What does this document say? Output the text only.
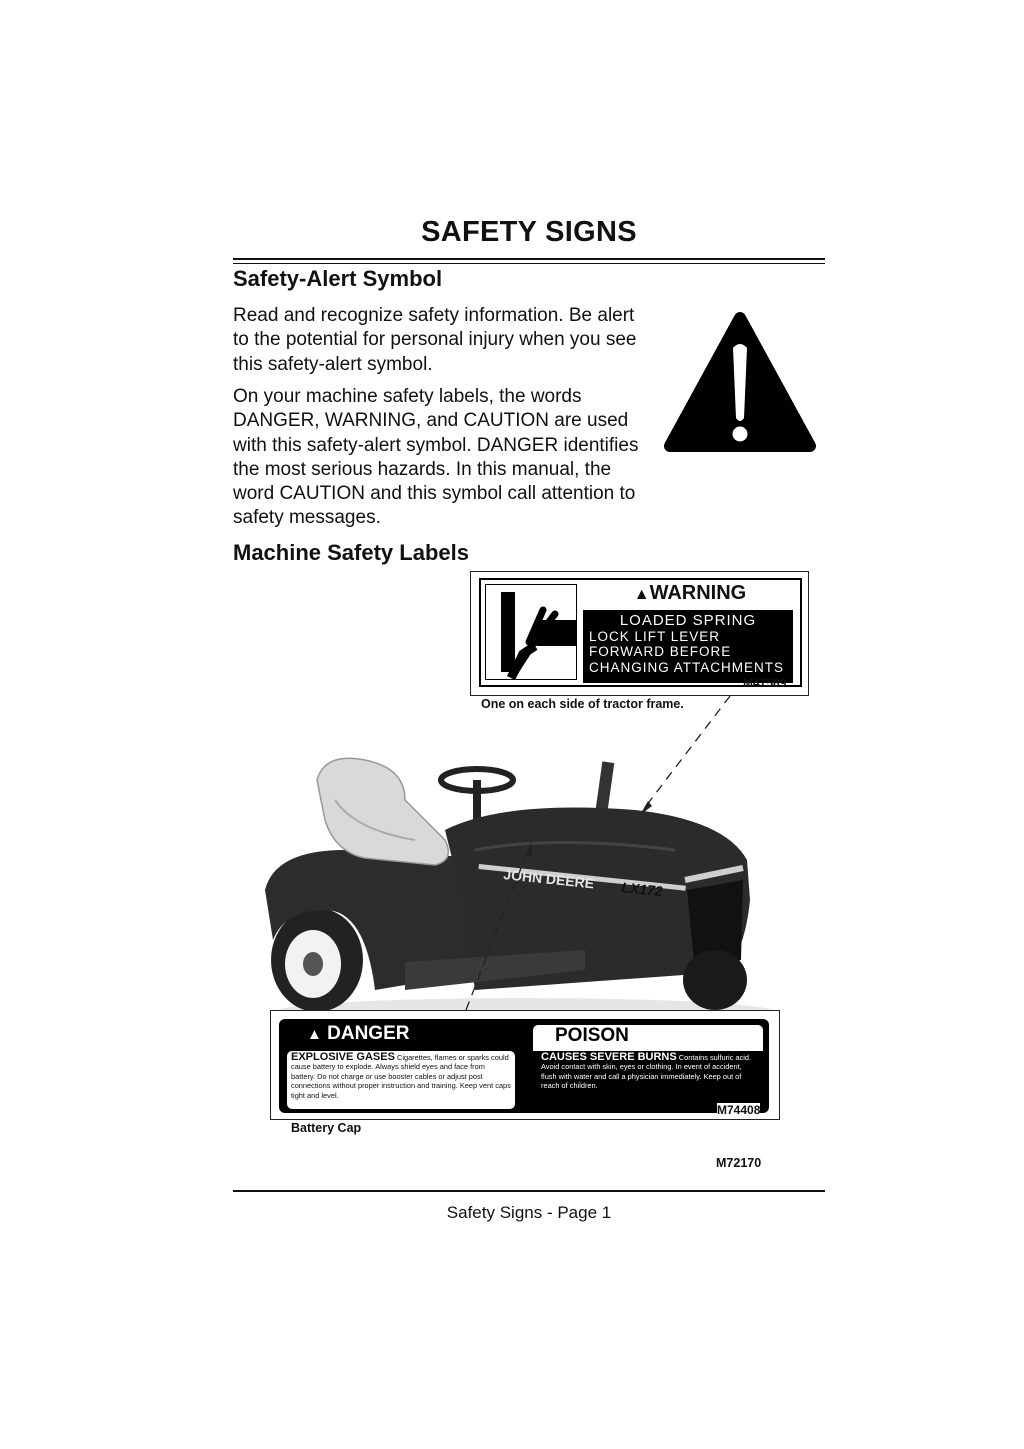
SAFETY SIGNS
Safety-Alert Symbol

Read and recognize safety information. Be alert to the potential for personal injury when you see this safety-alert symbol.

On your machine safety labels, the words DANGER, WARNING, and CAUTION are used with this safety-alert symbol. DANGER identifies the most serious hazards. In this manual, the word CAUTION and this symbol call attention to safety messages.

Machine Safety Labels
▲WARNING
LOADED SPRING
LOCK LIFT LEVER
FORWARD BEFORE
CHANGING ATTACHMENTS
M47589
One on each side of tractor frame.
JOHN DEERE LX172
▲ DANGER
EXPLOSIVE GASES Cigarettes, flames or sparks could cause battery to explode. Always shield eyes and face from battery. Do not charge or use booster cables or adjust post connections without proper instruction and training. Keep vent caps tight and level.
POISON
CAUSES SEVERE BURNS Contains sulfuric acid. Avoid contact with skin, eyes or clothing. In event of accident, flush with water and call a physician immediately. Keep out of reach of children.
M74408
Battery Cap
M72170
Safety Signs - Page 1
